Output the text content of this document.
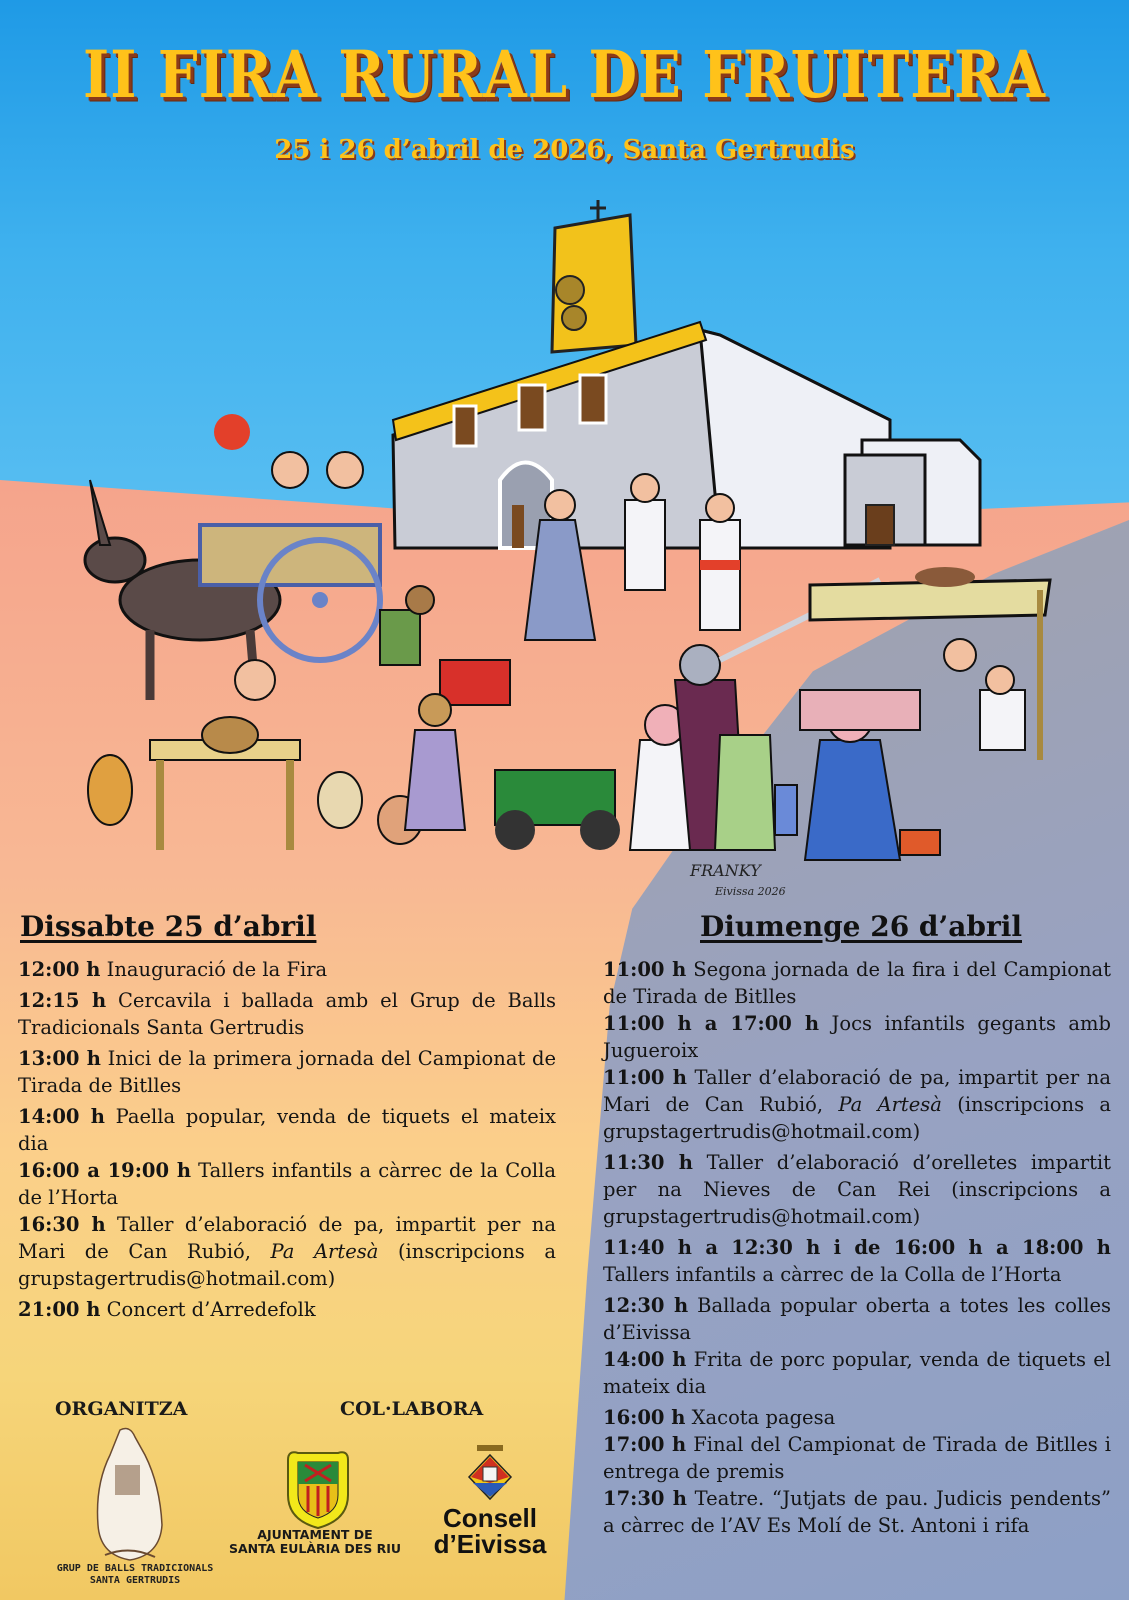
II FIRA RURAL DE FRUITERA
25 i 26 d’abril de 2026, Santa Gertrudis
FRANKY
Eivissa 2026
Dissabte 25 d’abril
12:00 h Inauguració de la Fira
12:15 h Cercavila i ballada amb el Grup de Balls Tradicionals Santa Gertrudis
13:00 h Inici de la primera jornada del Campionat de Tirada de Bitlles
14:00 h Paella popular, venda de tiquets el mateix dia
16:00 a 19:00 h Tallers infantils a càrrec de la Colla de l’Horta
16:30 h Taller d’elaboració de pa, impartit per na Mari de Can Rubió, Pa Artesà (inscripcions a grupstagertrudis@hotmail.com)
21:00 h Concert d’Arredefolk
Diumenge 26 d’abril
11:00 h Segona jornada de la fira i del Campionat de Tirada de Bitlles
11:00 h a 17:00 h Jocs infantils gegants amb Jugueroix
11:00 h Taller d’elaboració de pa, impartit per na Mari de Can Rubió, Pa Artesà (inscripcions a grupstagertrudis@hotmail.com)
11:30 h Taller d’elaboració d’orelletes impartit per na Nieves de Can Rei (inscripcions a grupstagertrudis@hotmail.com)
11:40 h a 12:30 h i de 16:00 h a 18:00 h Tallers infantils a càrrec de la Colla de l’Horta
12:30 h Ballada popular oberta a totes les colles d’Eivissa
14:00 h Frita de porc popular, venda de tiquets el mateix dia
16:00 h Xacota pagesa
17:00 h Final del Campionat de Tirada de Bitlles i entrega de premis
17:30 h Teatre. “Jutjats de pau. Judicis pendents” a càrrec de l’AV Es Molí de St. Antoni i rifa
ORGANITZA
GRUP DE BALLS TRADICIONALS
SANTA GERTRUDIS
COL·LABORA
AJUNTAMENT DE
SANTA EULÀRIA DES RIU
Consell
d’Eivissa
